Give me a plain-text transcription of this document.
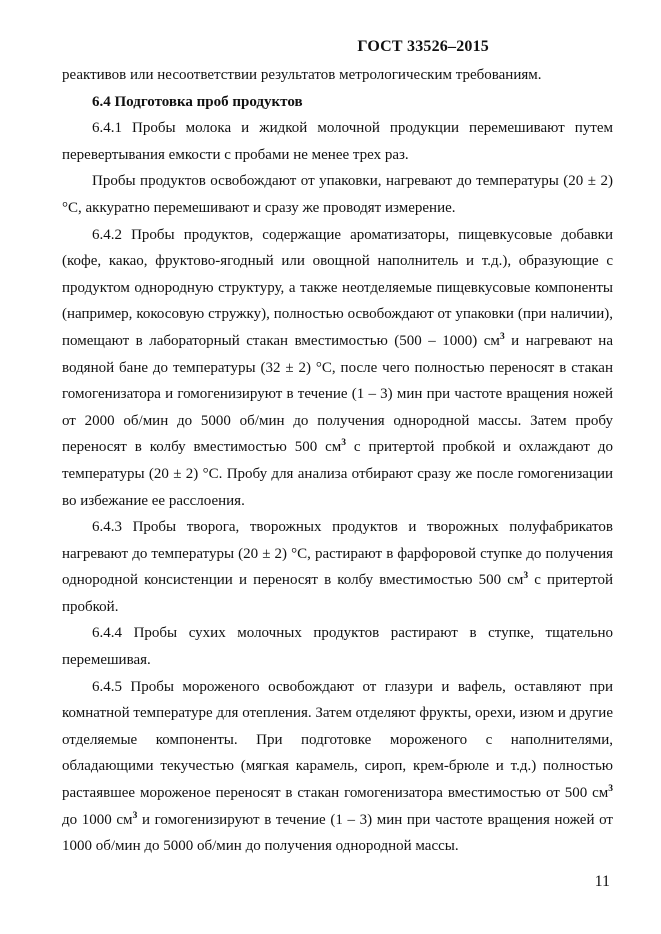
ГОСТ 33526–2015

реактивов или несоответствии результатов метрологическим требованиям.

6.4 Подготовка проб продуктов

6.4.1 Пробы молока и жидкой молочной продукции перемешивают путем перевертывания емкости с пробами не менее трех раз.

Пробы продуктов освобождают от упаковки, нагревают до температуры (20 ± 2) °С, аккуратно перемешивают и сразу же проводят измерение.

6.4.2 Пробы продуктов, содержащие ароматизаторы, пищевкусовые добавки (кофе, какао, фруктово-ягодный или овощной наполнитель и т.д.), образующие с продуктом однородную структуру, а также неотделяемые пищевкусовые компоненты (например, кокосовую стружку), полностью освобождают от упаковки (при наличии), помещают в лабораторный стакан вместимостью (500 – 1000) $см^3$ и нагревают на водяной бане до температуры (32 ± 2) °С, после чего полностью переносят в стакан гомогенизатора и гомогенизируют в течение (1 – 3) мин при частоте вращения ножей от 2000 об/мин до 5000 об/мин до получения однородной массы. Затем пробу переносят в колбу вместимостью 500 $см^3$ с притертой пробкой и охлаждают до температуры (20 ± 2) °С. Пробу для анализа отбирают сразу же после гомогенизации во избежание ее расслоения.

6.4.3 Пробы творога, творожных продуктов и творожных полуфабрикатов нагревают до температуры (20 ± 2) °С, растирают в фарфоровой ступке до получения однородной консистенции и переносят в колбу вместимостью 500 $см^3$ с притертой пробкой.

6.4.4 Пробы сухих молочных продуктов растирают в ступке, тщательно перемешивая.

6.4.5 Пробы мороженого освобождают от глазури и вафель, оставляют при комнатной температуре для отепления. Затем отделяют фрукты, орехи, изюм и другие отделяемые компоненты. При подготовке мороженого с наполнителями, обладающими текучестью (мягкая карамель, сироп, крем-брюле и т.д.) полностью растаявшее мороженое переносят в стакан гомогенизатора вместимостью от 500 $см^3$ до 1000 $см^3$ и гомогенизируют в течение (1 – 3) мин при частоте вращения ножей от 1000 об/мин до 5000 об/мин до получения однородной массы.

11
